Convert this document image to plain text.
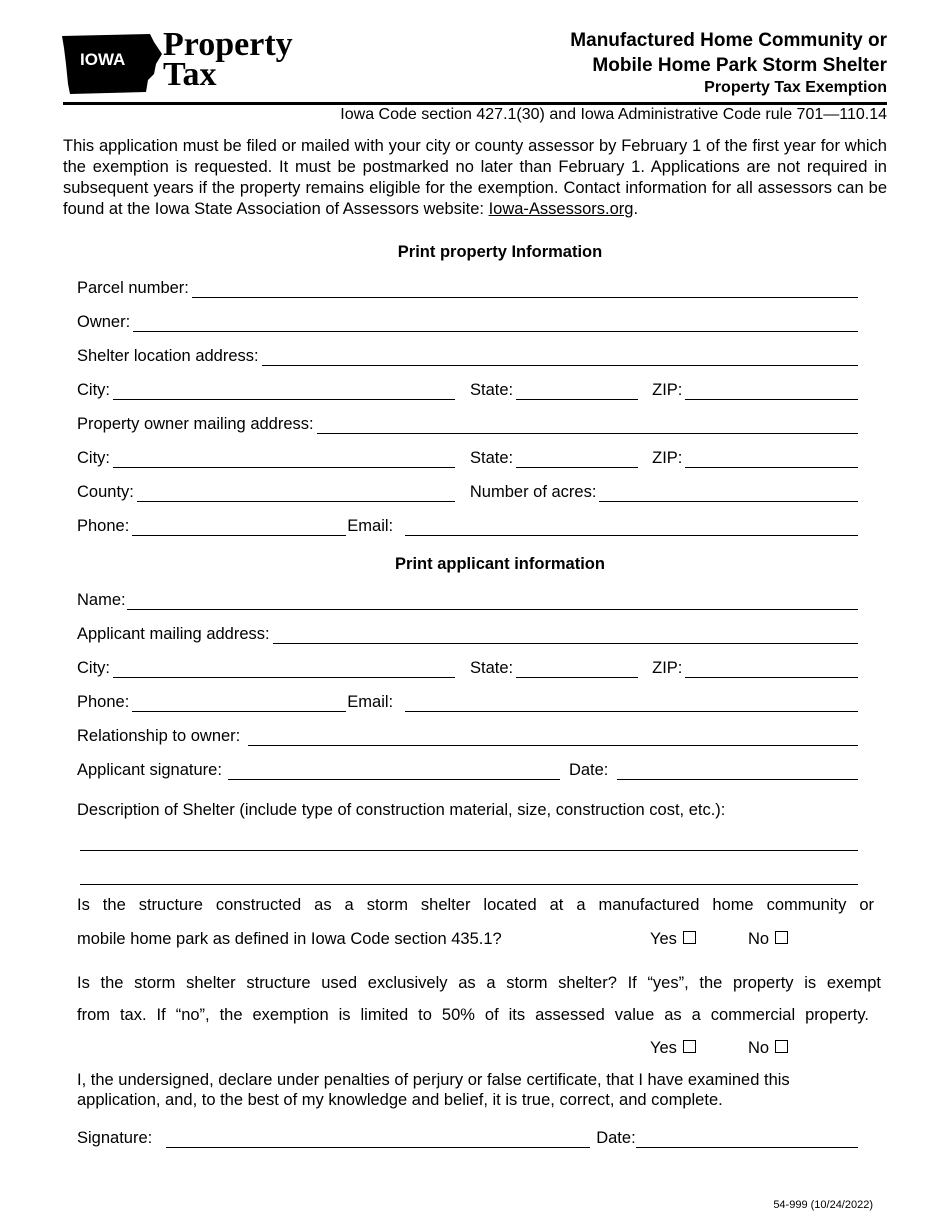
IOWA Property
Tax
Manufactured Home Community or
Mobile Home Park Storm Shelter
Property Tax Exemption
Iowa Code section 427.1(30) and Iowa Administrative Code rule 701—110.14
This application must be filed or mailed with your city or county assessor by February 1 of the first year for which the exemption is requested. It must be postmarked no later than February 1. Applications are not required in subsequent years if the property remains eligible for the exemption. Contact information for all assessors can be found at the Iowa State Association of Assessors website: Iowa-Assessors.org.
Print property Information
Parcel number:
Owner:
Shelter location address:
City:	State:	ZIP:
Property owner mailing address:
City:	State:	ZIP:
County:	Number of acres:
Phone:	Email:
Print applicant information
Name:
Applicant mailing address:
City:	State:	ZIP:
Phone:	Email:
Relationship to owner:
Applicant signature:	Date:
Description of Shelter (include type of construction material, size, construction cost, etc.):
Is the structure constructed as a storm shelter located at a manufactured home community or
mobile home park as defined in Iowa Code section 435.1?	Yes	No
Is the storm shelter structure used exclusively as a storm shelter? If “yes”, the property is exempt
from tax. If “no”, the exemption is limited to 50% of its assessed value as a commercial property.
Yes	No
I, the undersigned, declare under penalties of perjury or false certificate, that I have examined this application, and, to the best of my knowledge and belief, it is true, correct, and complete.
Signature:	Date:
54-999 (10/24/2022)
